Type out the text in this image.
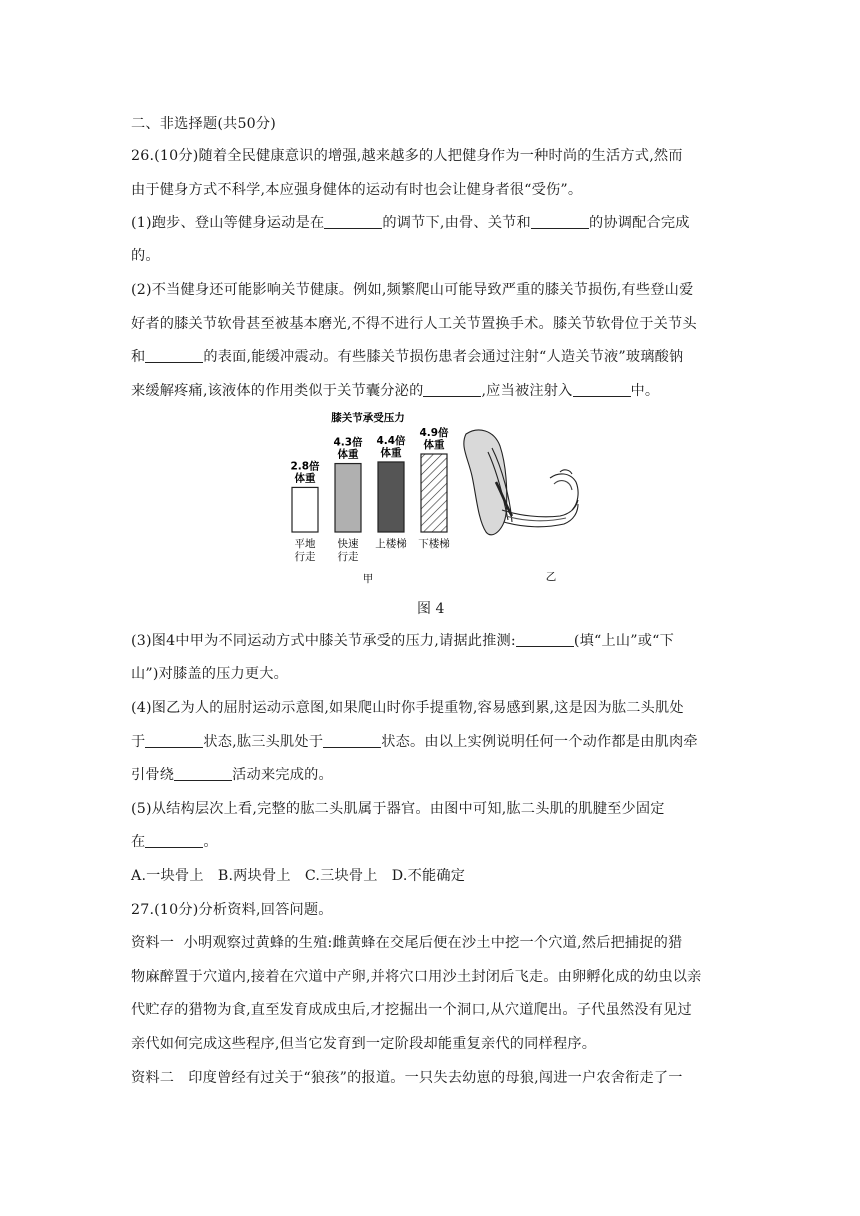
二、非选择题(共50分)
26.(10分)随着全民健康意识的增强,越来越多的人把健身作为一种时尚的生活方式,然而
由于健身方式不科学,本应强身健体的运动有时也会让健身者很“受伤”。
(1)跑步、登山等健身运动是在	的调节下,由骨、关节和	的协调配合完成
的。
(2)不当健身还可能影响关节健康。例如,频繁爬山可能导致严重的膝关节损伤,有些登山爱
好者的膝关节软骨甚至被基本磨光,不得不进行人工关节置换手术。膝关节软骨位于关节头
和	的表面,能缓冲震动。有些膝关节损伤患者会通过注射“人造关节液”玻璃酸钠
来缓解疼痛,该液体的作用类似于关节囊分泌的	,应当被注射入	中。
膝关节承受压力
2.8倍
体重
平地
行走
4.3倍
体重
快速
行走
4.4倍
体重
上楼梯
4.9倍
体重
下楼梯
甲	乙
图 4
(3)图4中甲为不同运动方式中膝关节承受的压力,请据此推测:	(填“上山”或“下
山”)对膝盖的压力更大。
(4)图乙为人的屈肘运动示意图,如果爬山时你手提重物,容易感到累,这是因为肱二头肌处
于	状态,肱三头肌处于	状态。由以上实例说明任何一个动作都是由肌肉牵
引骨绕	活动来完成的。
(5)从结构层次上看,完整的肱二头肌属于器官。由图中可知,肱二头肌的肌腱至少固定
在	。
A.一块骨上   B.两块骨上   C.三块骨上   D.不能确定
27.(10分)分析资料,回答问题。
资料一  小明观察过黄蜂的生殖:雌黄蜂在交尾后便在沙土中挖一个穴道,然后把捕捉的猎
物麻醉置于穴道内,接着在穴道中产卵,并将穴口用沙土封闭后飞走。由卵孵化成的幼虫以亲
代贮存的猎物为食,直至发育成成虫后,才挖掘出一个洞口,从穴道爬出。子代虽然没有见过
亲代如何完成这些程序,但当它发育到一定阶段却能重复亲代的同样程序。
资料二   印度曾经有过关于“狼孩”的报道。一只失去幼崽的母狼,闯进一户农舍衔走了一
